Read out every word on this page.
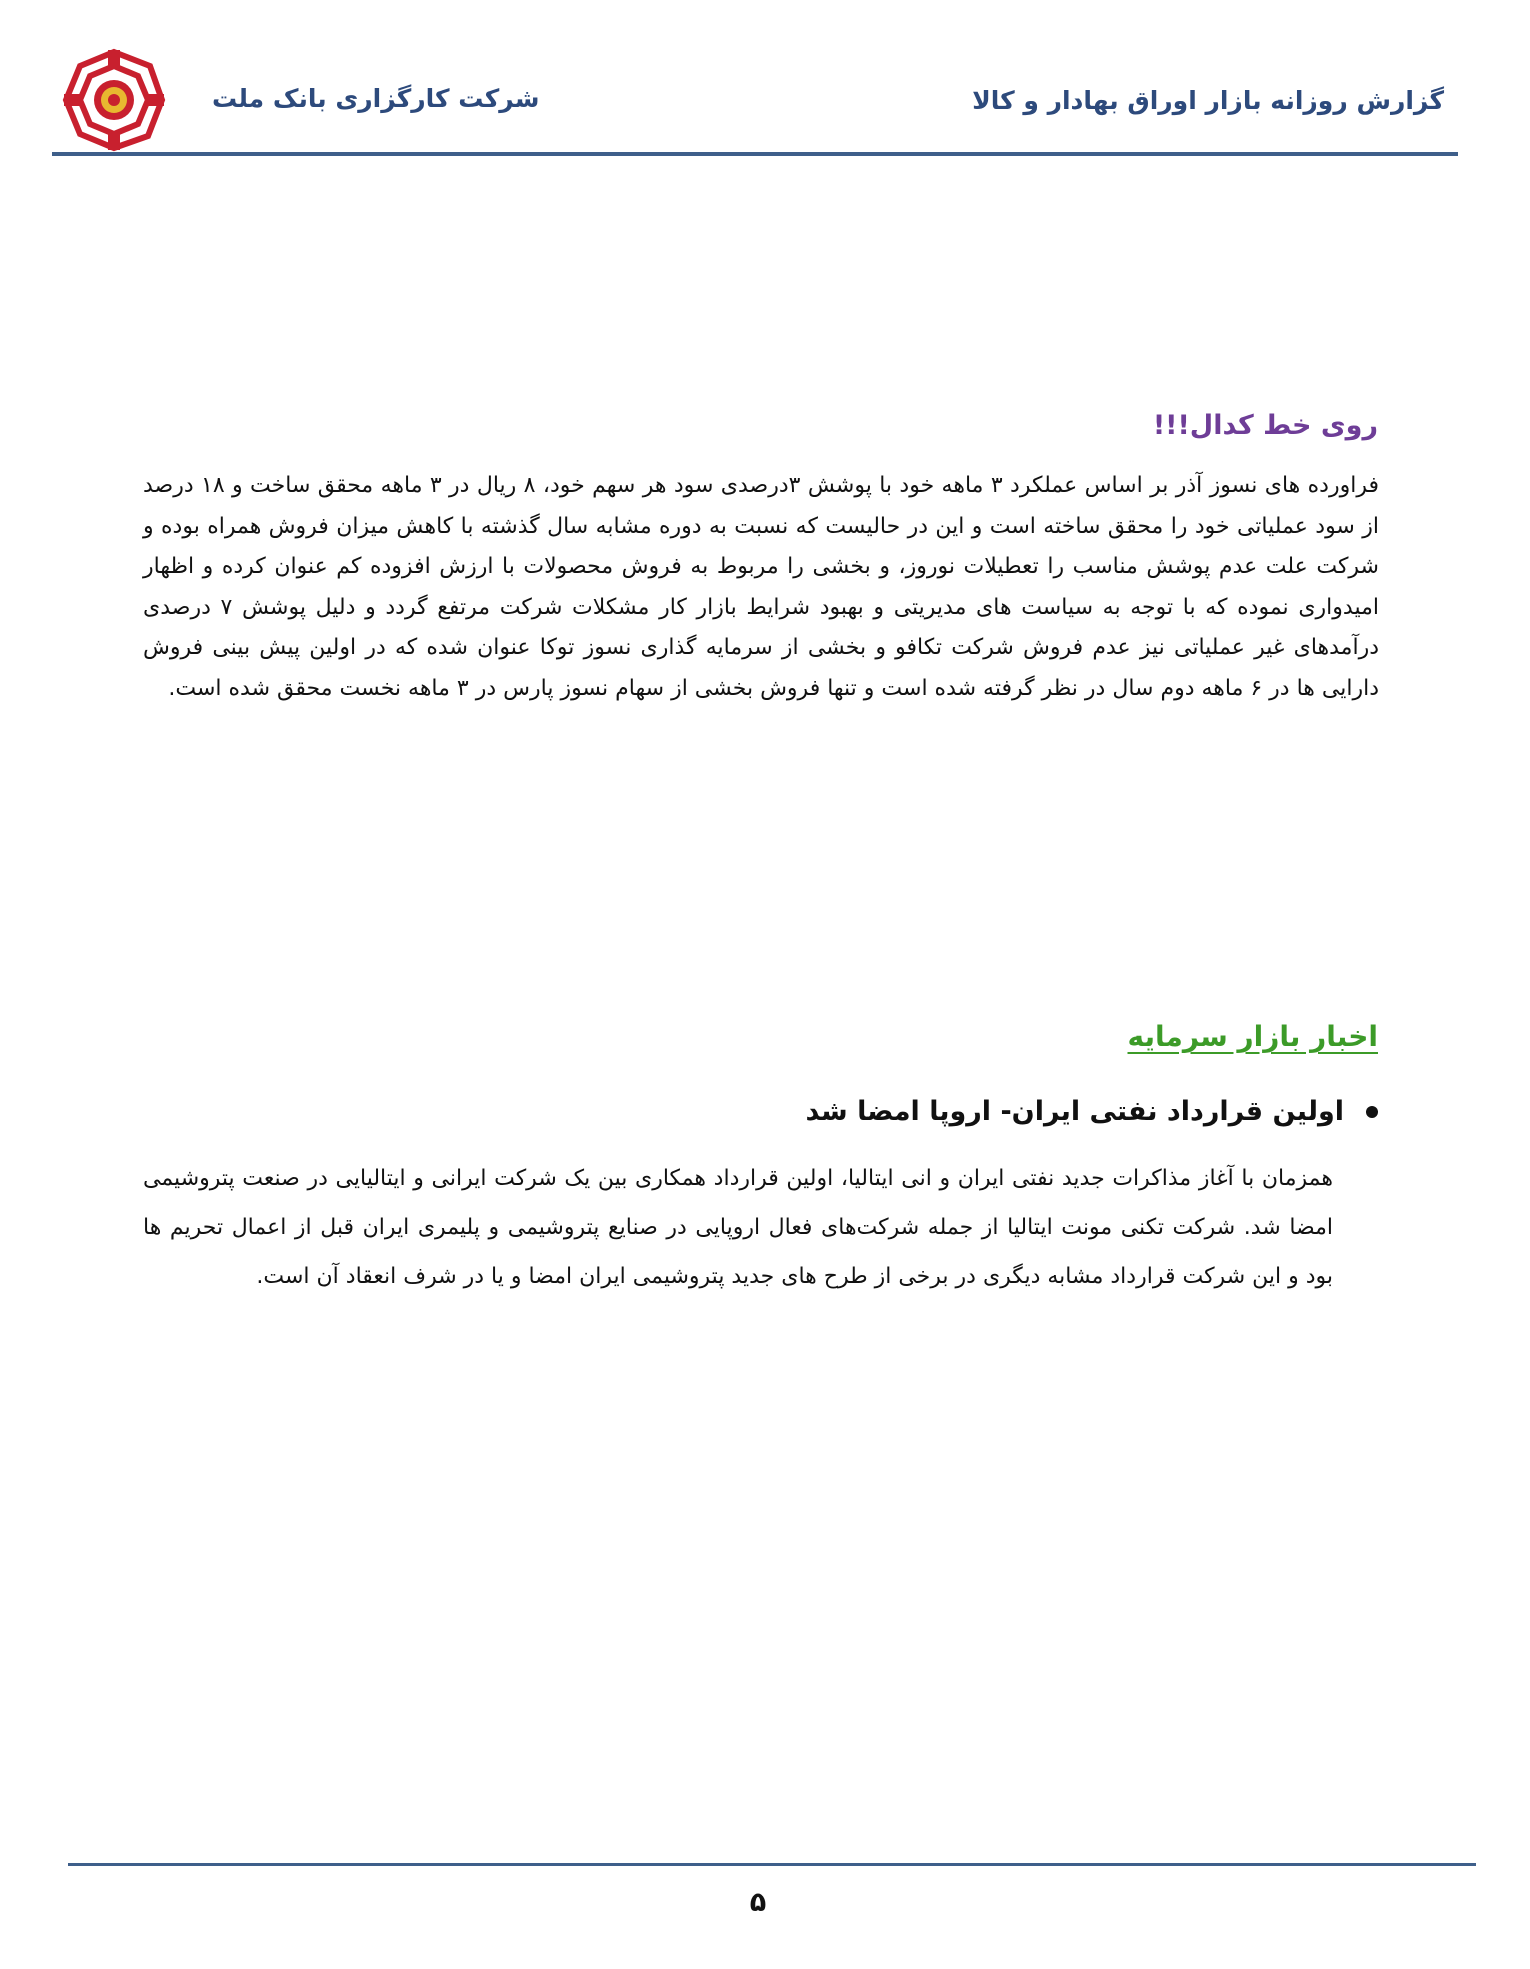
شرکت کارگزاری بانک ملت	گزارش روزانه بازار اوراق بهادار و کالا
روی خط کدال!!!
فراورده های نسوز آذر بر اساس عملکرد ۳ ماهه خود با پوشش ۳درصدی سود هر سهم خود، ۸ ریال در ۳ ماهه محقق ساخت و ۱۸ درصد از سود عملیاتی خود را محقق ساخته است و این در حالیست که نسبت به دوره مشابه سال گذشته با کاهش میزان فروش همراه بوده و شرکت علت عدم پوشش مناسب را تعطیلات نوروز، و بخشی را مربوط به فروش محصولات با ارزش افزوده کم عنوان کرده و اظهار امیدواری نموده که با توجه به سیاست های مدیریتی و بهبود شرایط بازار کار مشکلات شرکت مرتفع گردد و دلیل پوشش ۷ درصدی درآمدهای غیر عملیاتی نیز عدم فروش شرکت تکافو و بخشی از سرمایه گذاری نسوز توکا عنوان شده که در اولین پیش بینی فروش دارایی ها در ۶ ماهه دوم سال در نظر گرفته شده است و تنها فروش بخشی از سهام نسوز پارس در ۳ ماهه نخست محقق شده است.
اخبار بازار سرمایه
اولین قرارداد نفتی ایران- اروپا امضا شد
همزمان با آغاز مذاکرات جدید نفتی ایران و انی ایتالیا، اولین قرارداد همکاری بین یک شرکت ایرانی و ایتالیایی در صنعت پتروشیمی امضا شد. شرکت تکنی مونت ایتالیا از جمله شرکت‌های فعال اروپایی در صنایع پتروشیمی و پلیمری ایران قبل از اعمال تحریم ها بود و این شرکت قرارداد مشابه دیگری در برخی از طرح های جدید پتروشیمی ایران امضا و یا در شرف انعقاد آن است.
۵
